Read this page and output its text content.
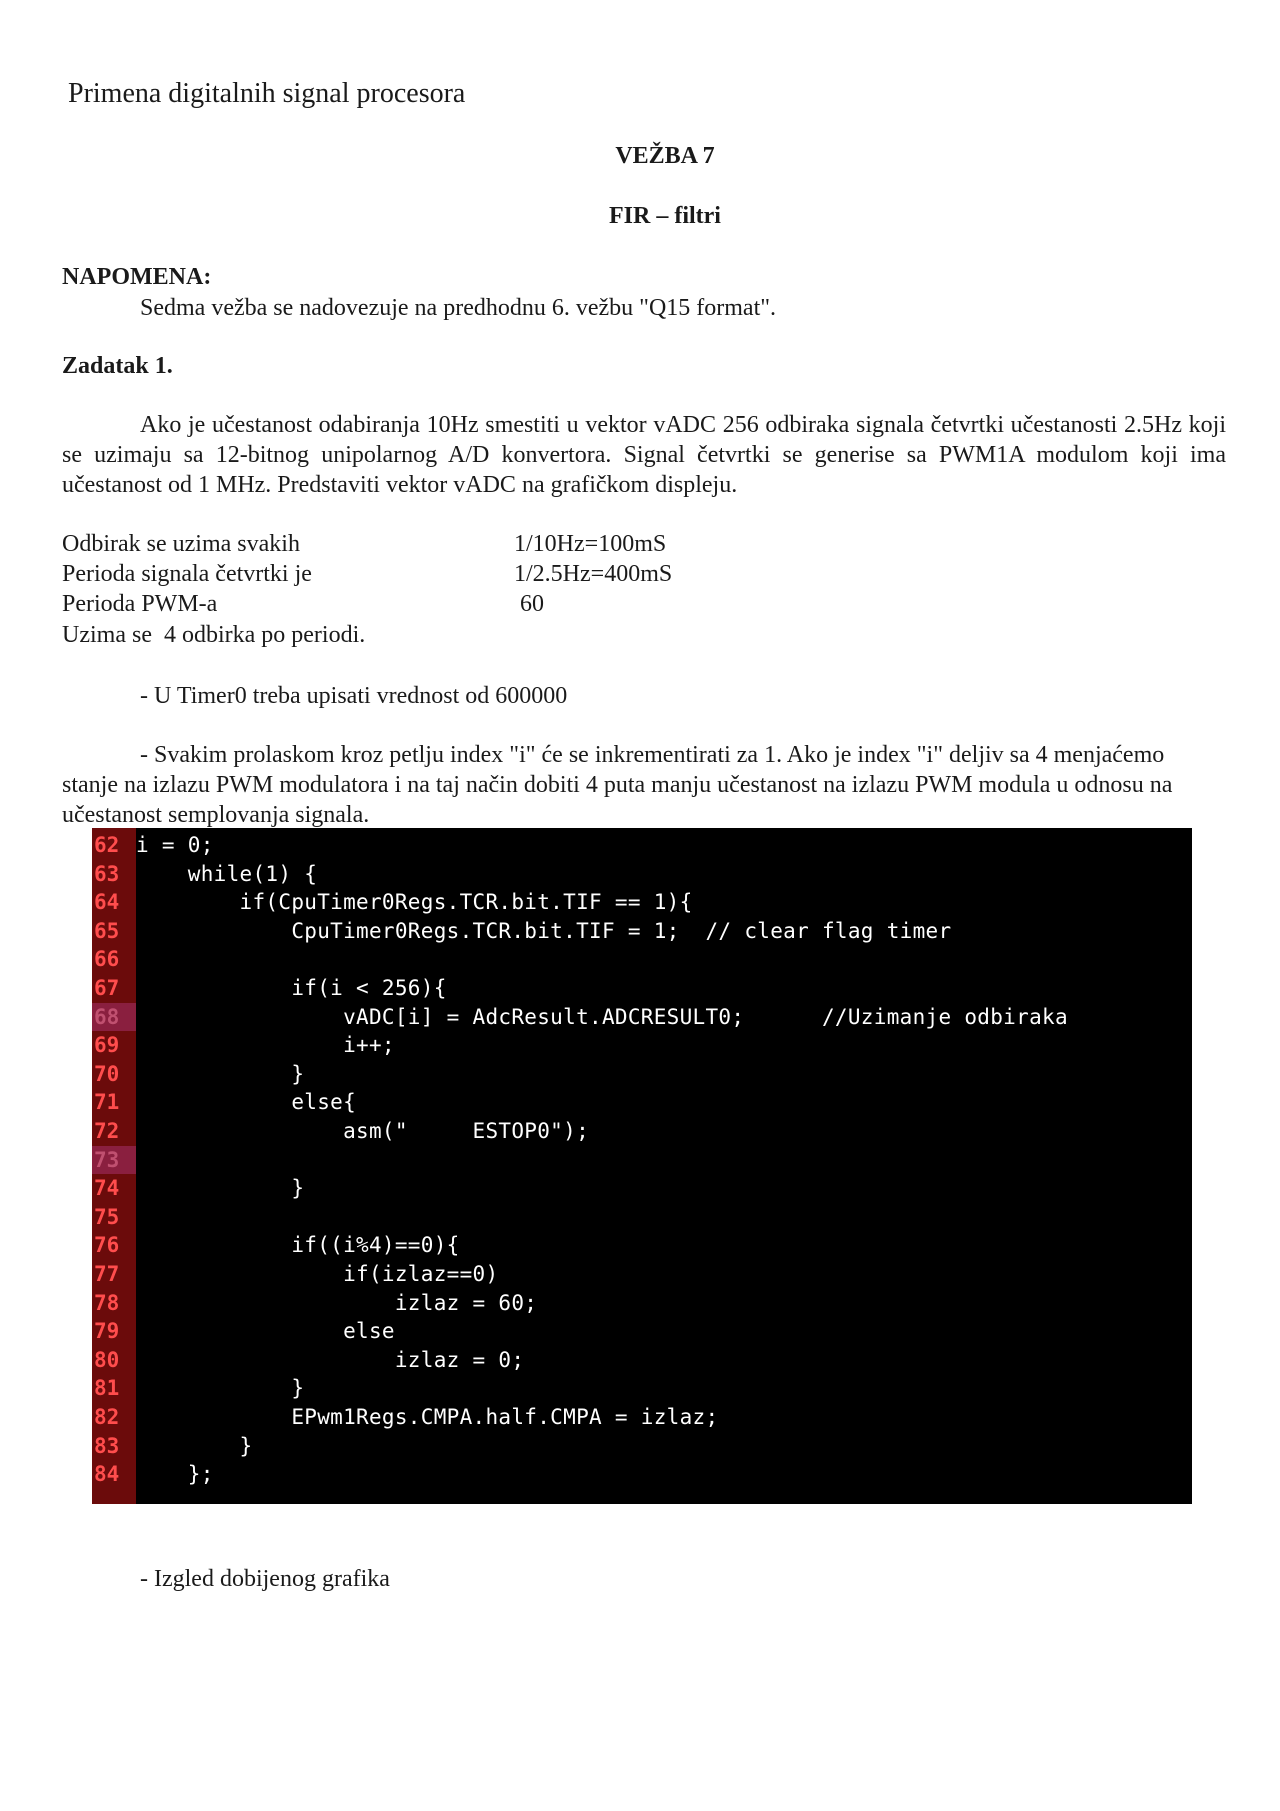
Primena digitalnih signal procesora
VEŽBA 7
FIR – filtri
NAPOMENA:
Sedma vežba se nadovezuje na predhodnu 6. vežbu "Q15 format".
Zadatak 1.
Ako je učestanost odabiranja 10Hz smestiti u vektor vADC 256 odbiraka signala četvrtki učestanosti 2.5Hz koji se uzimaju sa 12-bitnog unipolarnog A/D konvertora. Signal četvrtki se generise sa PWM1A modulom koji ima učestanost od 1 MHz. Predstaviti vektor vADC na grafičkom displeju.
Odbirak se uzima svakih	1/10Hz=100mS
Perioda signala četvrtki je	1/2.5Hz=400mS
Perioda PWM-a	60
Uzima se  4 odbirka po periodi.
- U Timer0 treba upisati vrednost od 600000
- Svakim prolaskom kroz petlju index "i" će se inkrementirati za 1. Ako je index "i" deljiv sa 4 menjaćemo stanje na izlazu PWM modulatora i na taj način dobiti 4 puta manju učestanost na izlazu PWM modula u odnosu na učestanost semplovanja signala.
62
63
64
65
66
67
68
69
70
71
72
73
74
75
76
77
78
79
80
81
82
83
84
i = 0;
while(1) {
if(CpuTimer0Regs.TCR.bit.TIF == 1){
CpuTimer0Regs.TCR.bit.TIF = 1;  // clear flag timer
if(i < 256){
vADC[i] = AdcResult.ADCRESULT0;      //Uzimanje odbiraka
i++;
}
else{
asm("     ESTOP0");
}
if((i%4)==0){
if(izlaz==0)
izlaz = 60;
else
izlaz = 0;
}
EPwm1Regs.CMPA.half.CMPA = izlaz;
}
};
- Izgled dobijenog grafika
